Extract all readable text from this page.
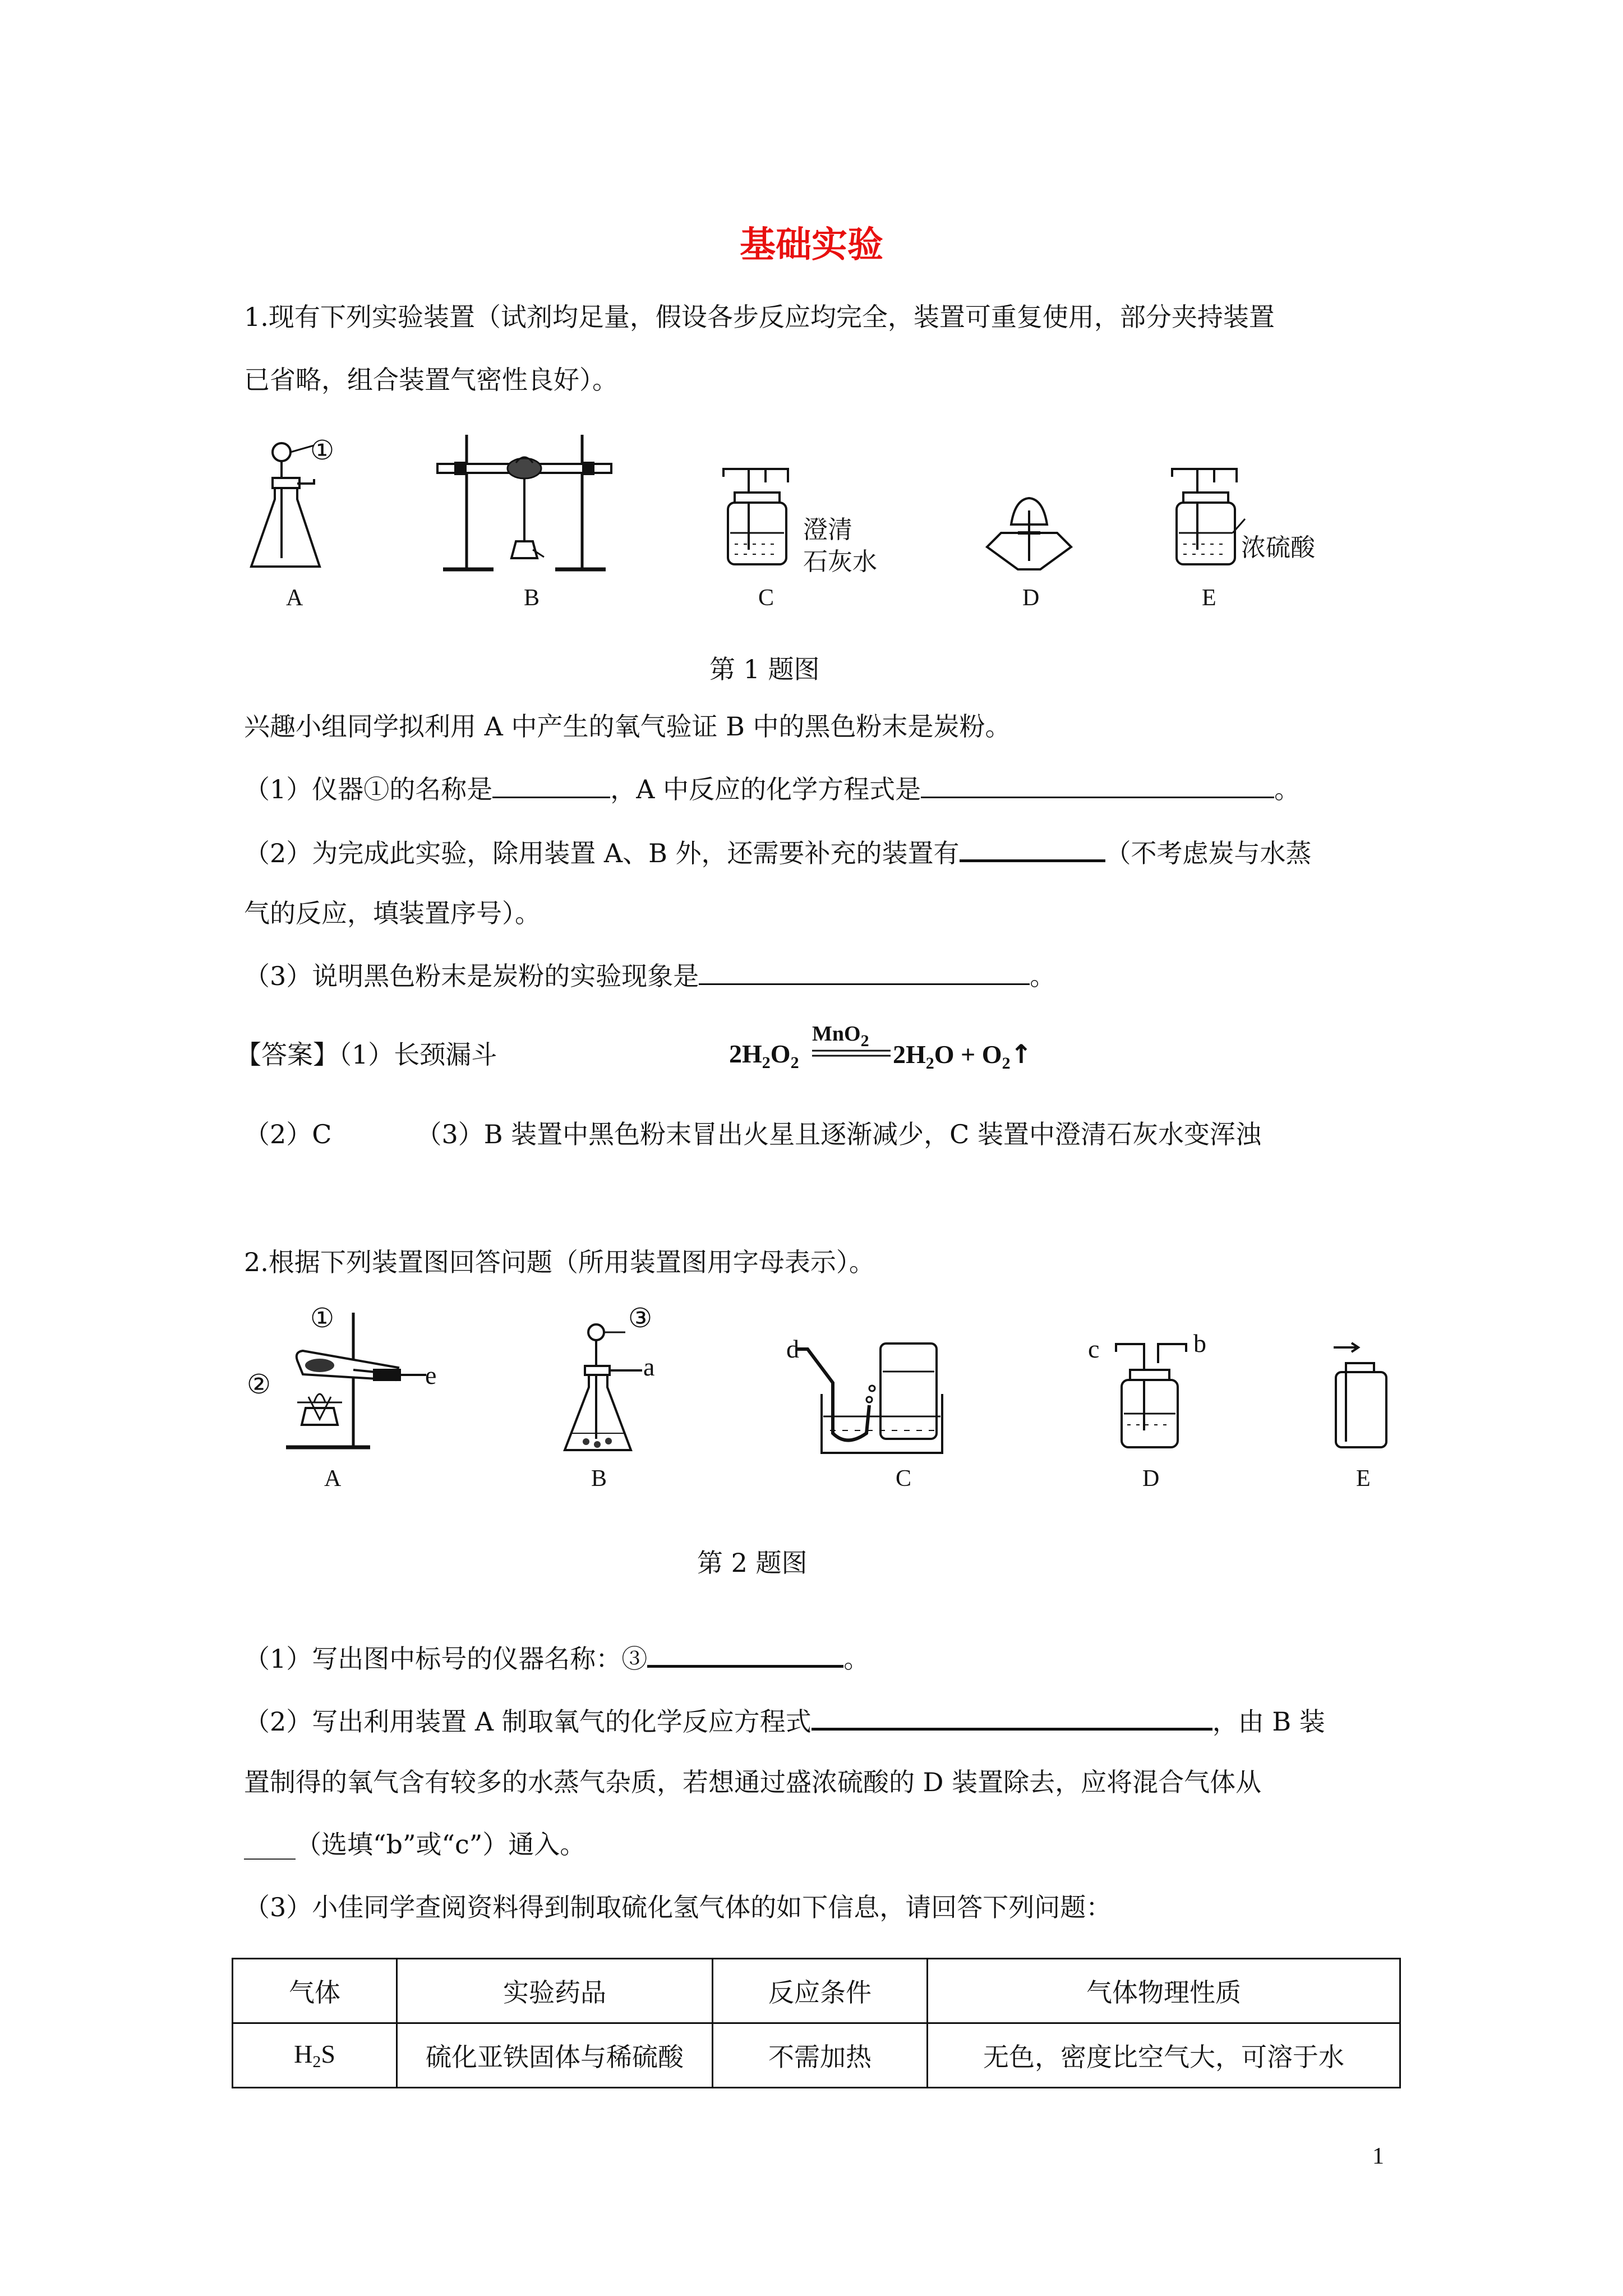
基础实验
1.现有下列实验装置（试剂均足量，假设各步反应均完全，装置可重复使用，部分夹持装置
已省略，组合装置气密性良好）。
①
澄清
石灰水	浓硫酸
A	B	C	D	E
第 1 题图
兴趣小组同学拟利用 A 中产生的氧气验证 B 中的黑色粉末是炭粉。
（1）仪器①的名称是	，A 中反应的化学方程式是	。
（2）为完成此实验，除用装置 A、B 外，还需要补充的装置有	（不考虑炭与水蒸
气的反应，填装置序号）。
（3）说明黑色粉末是炭粉的实验现象是	。
【答案】（1）长颈漏斗
MnO$_2$
$2H_2O_2$	$2H_2O$ + $O_2↑$
（2）C	（3）B 装置中黑色粉末冒出火星且逐渐减少，C 装置中澄清石灰水变浑浊
2.根据下列装置图回答问题（所用装置图用字母表示）。
①
②	e
③
a
d	c	b
A	B	C	D	E
第 2 题图
（1）写出图中标号的仪器名称：③	。
（2）写出利用装置 A 制取氧气的化学反应方程式	，由 B 装
置制得的氧气含有较多的水蒸气杂质，若想通过盛浓硫酸的 D 装置除去，应将混合气体从
____（选填“b”或“c”）通入。
（3）小佳同学查阅资料得到制取硫化氢气体的如下信息，请回答下列问题：
气体	实验药品	反应条件	气体物理性质
H2S	硫化亚铁固体与稀硫酸	不需加热	无色，密度比空气大，可溶于水
1
